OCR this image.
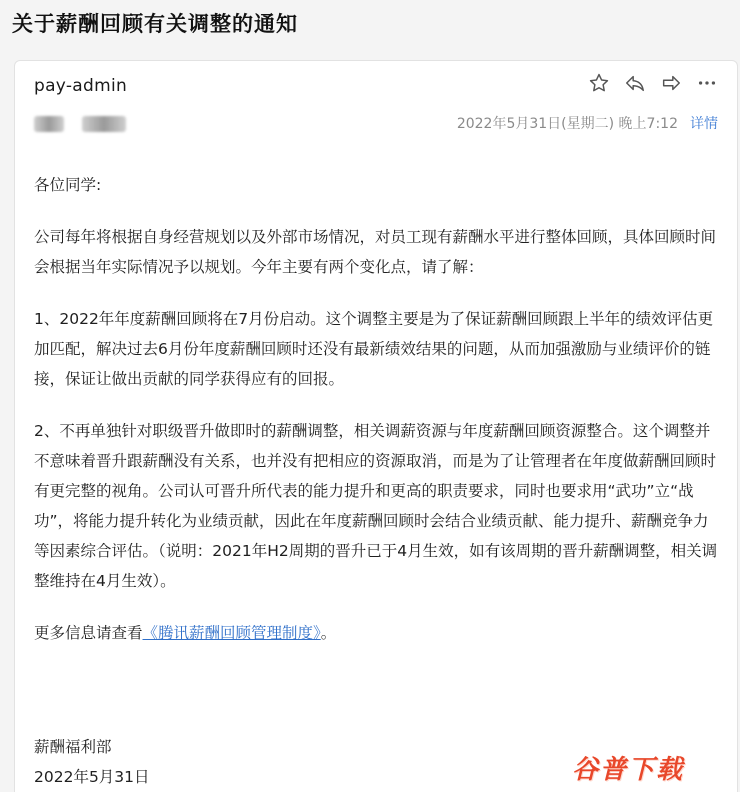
关于薪酬回顾有关调整的通知
pay-admin
2022年5月31日(星期二) 晚上7:12 详情

各位同学:

公司每年将根据自身经营规划以及外部市场情况，对员工现有薪酬水平进行整体回顾，具体回顾时间会根据当年实际情况予以规划。今年主要有两个变化点，请了解：

1、2022年年度薪酬回顾将在7月份启动。这个调整主要是为了保证薪酬回顾跟上半年的绩效评估更加匹配，解决过去6月份年度薪酬回顾时还没有最新绩效结果的问题，从而加强激励与业绩评价的链接，保证让做出贡献的同学获得应有的回报。

2、不再单独针对职级晋升做即时的薪酬调整，相关调薪资源与年度薪酬回顾资源整合。这个调整并不意味着晋升跟薪酬没有关系，也并没有把相应的资源取消，而是为了让管理者在年度做薪酬回顾时有更完整的视角。公司认可晋升所代表的能力提升和更高的职责要求，同时也要求用“武功”立“战功”，将能力提升转化为业绩贡献，因此在年度薪酬回顾时会结合业绩贡献、能力提升、薪酬竞争力等因素综合评估。（说明：2021年H2周期的晋升已于4月生效，如有该周期的晋升薪酬调整，相关调整维持在4月生效）。

更多信息请查看《腾讯薪酬回顾管理制度》。

薪酬福利部
2022年5月31日	谷普下载
